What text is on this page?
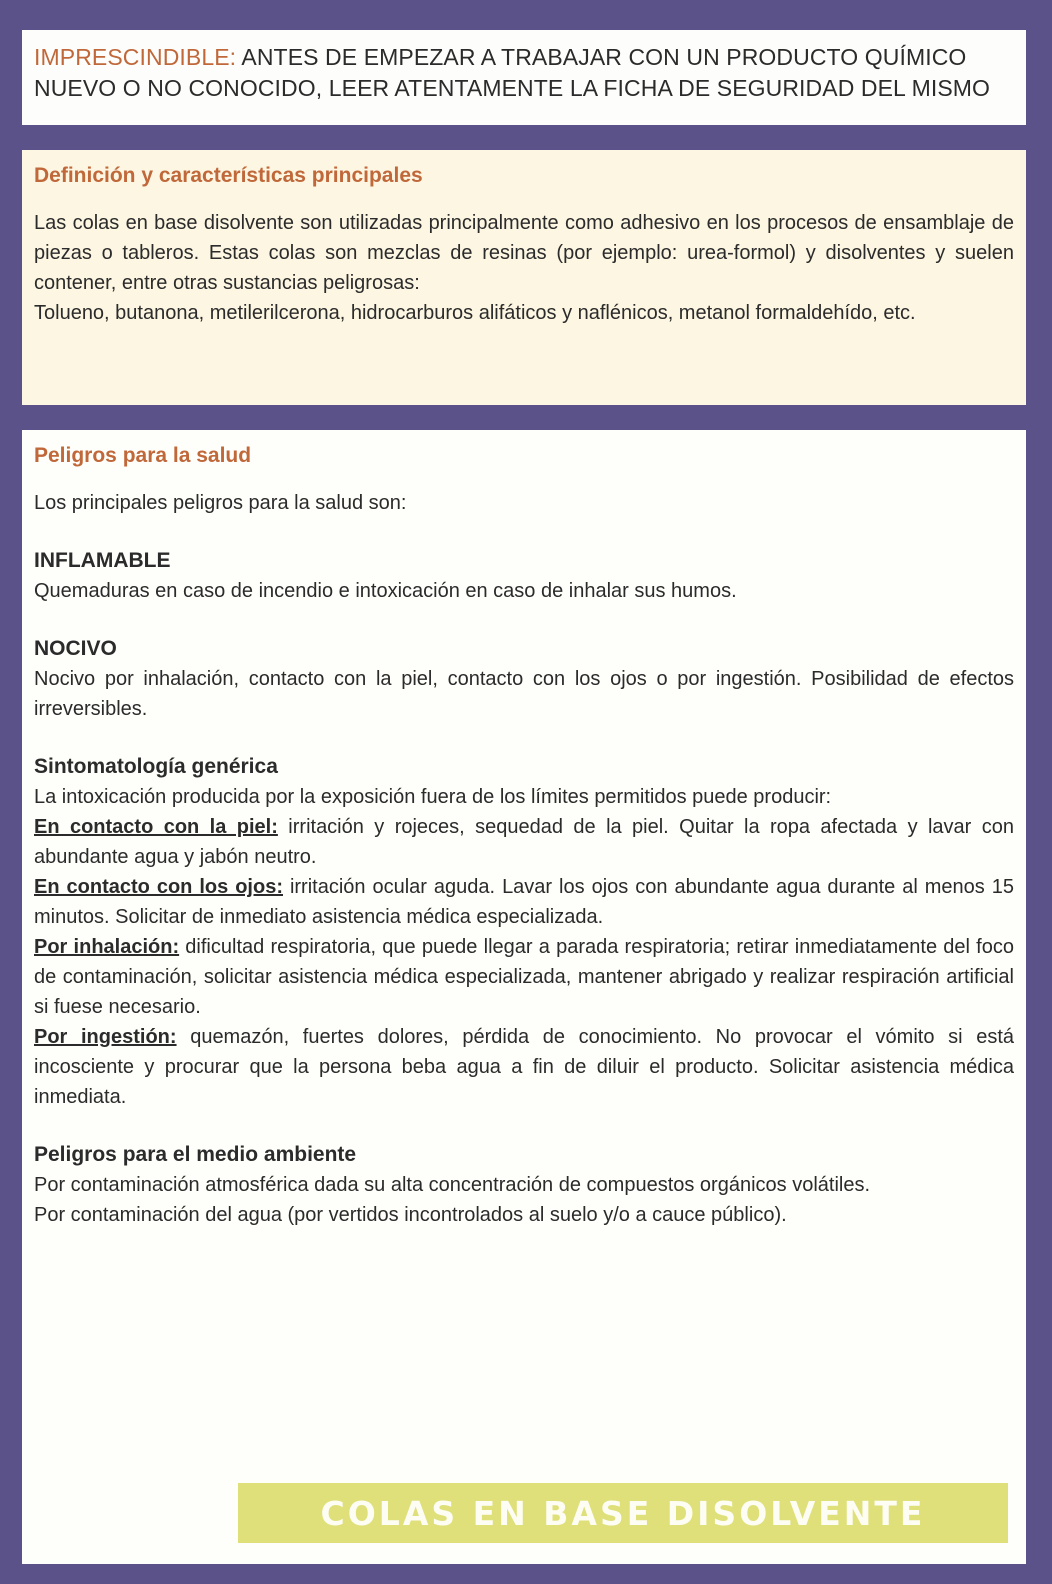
IMPRESCINDIBLE: ANTES DE EMPEZAR A TRABAJAR CON UN PRODUCTO QUÍMICO NUEVO O NO CONOCIDO, LEER ATENTAMENTE LA FICHA DE SEGURIDAD DEL MISMO

Definición y características principales

Las colas en base disolvente son utilizadas principalmente como adhesivo en los procesos de ensamblaje de piezas o tableros. Estas colas son mezclas de resinas (por ejemplo: urea-formol) y disolventes y suelen contener, entre otras sustancias peligrosas:

Tolueno, butanona, metilerilcerona, hidrocarburos alifáticos y naflénicos, metanol formaldehído, etc.

Peligros para la salud

Los principales peligros para la salud son:

INFLAMABLE

Quemaduras en caso de incendio e intoxicación en caso de inhalar sus humos.

NOCIVO

Nocivo por inhalación, contacto con la piel, contacto con los ojos o por ingestión. Posibilidad de efectos irreversibles.

Sintomatología genérica

La intoxicación producida por la exposición fuera de los límites permitidos puede producir:

En contacto con la piel: irritación y rojeces, sequedad de la piel. Quitar la ropa afectada y lavar con abundante agua y jabón neutro.

En contacto con los ojos: irritación ocular aguda. Lavar los ojos con abundante agua durante al menos 15 minutos. Solicitar de inmediato asistencia médica especializada.

Por inhalación: dificultad respiratoria, que puede llegar a parada respiratoria; retirar inmediatamente del foco de contaminación, solicitar asistencia médica especializada, mantener abrigado y realizar respiración artificial si fuese necesario.

Por ingestión: quemazón, fuertes dolores, pérdida de conocimiento. No provocar el vómito si está incosciente y procurar que la persona beba agua a fin de diluir el producto. Solicitar asistencia médica inmediata.

Peligros para el medio ambiente

Por contaminación atmosférica dada su alta concentración de compuestos orgánicos volátiles.

Por contaminación del agua (por vertidos incontrolados al suelo y/o a cauce público).

COLAS EN BASE DISOLVENTE
